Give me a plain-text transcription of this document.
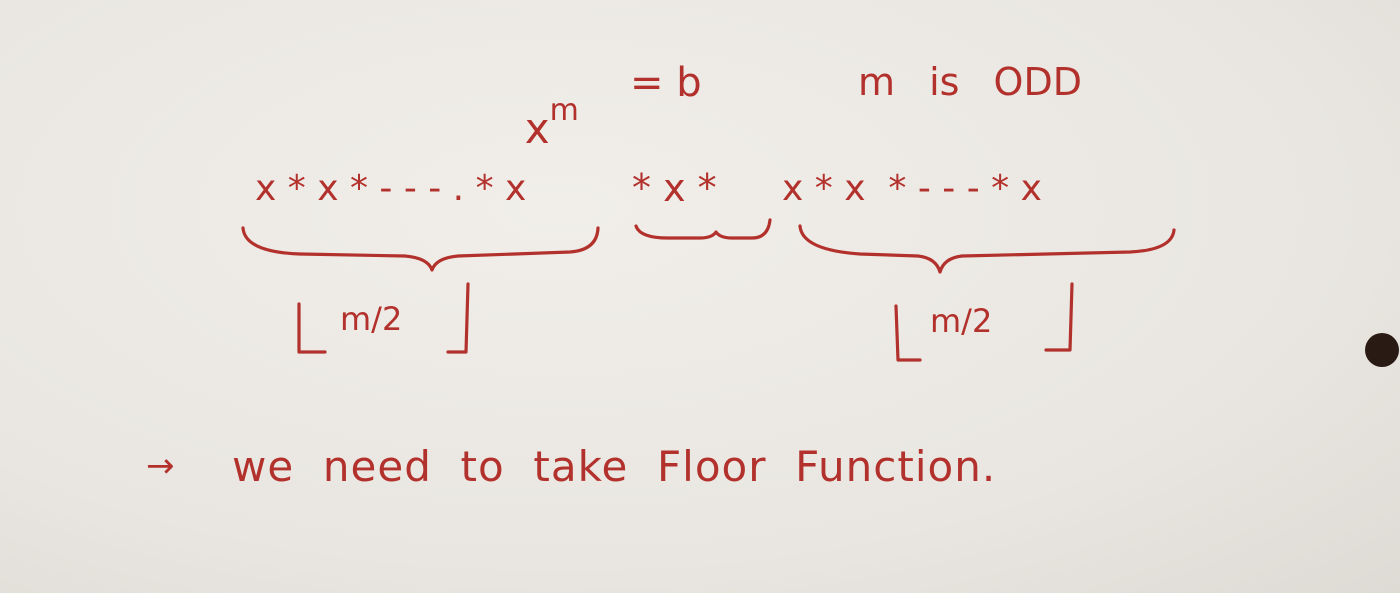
$x^m$

= b	m is ODD
x * x * - - - . * x	* x * x * x  * - - - * x
m/2	m/2
→ we  need  to  take  Floor  Function.
